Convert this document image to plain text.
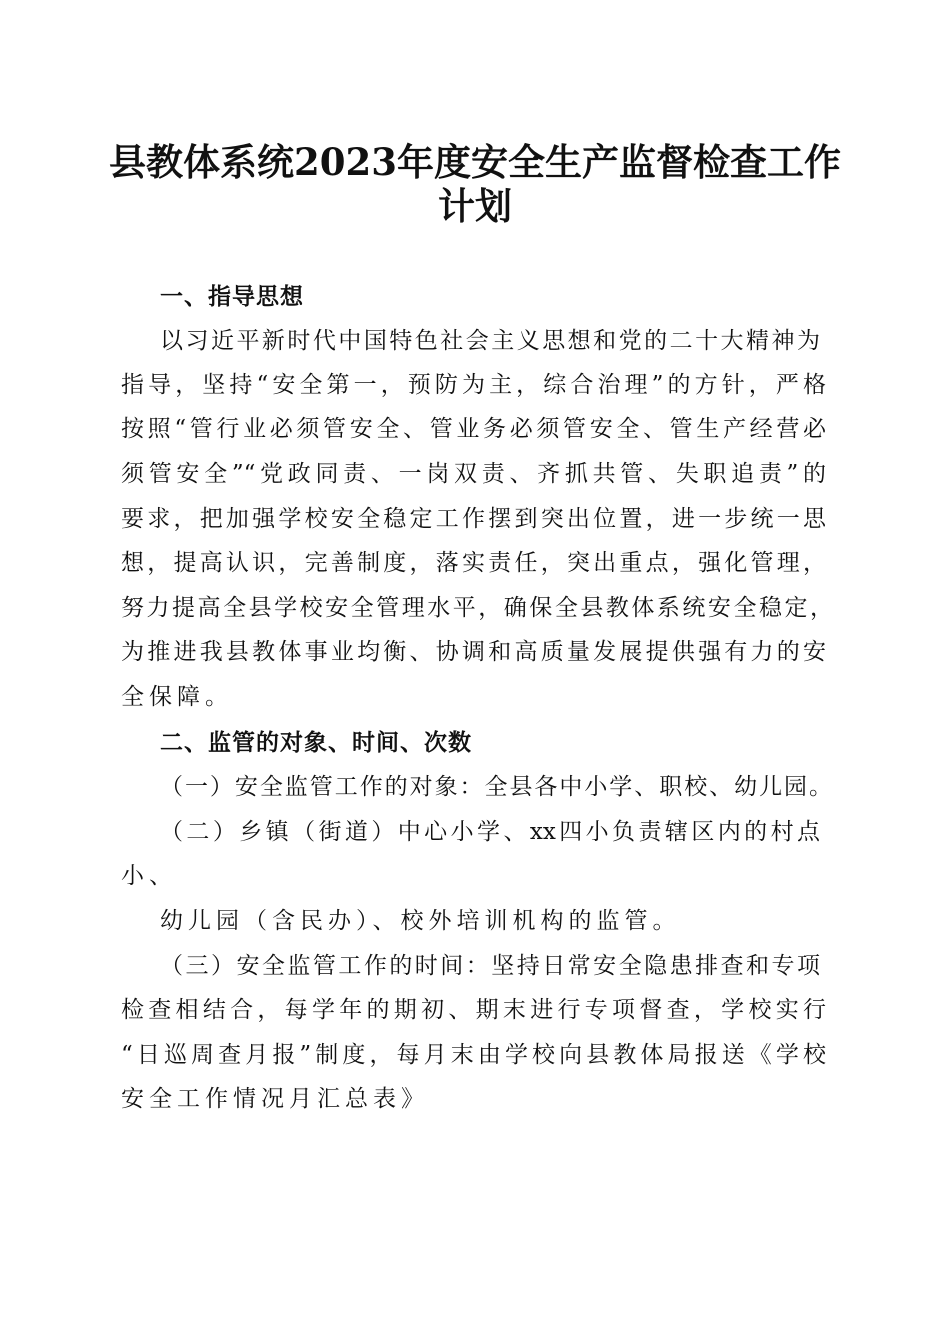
县教体系统2023年度安全生产监督检查工作
计划
一、指导思想
以习近平新时代中国特色社会主义思想和党的二十大精神为
指导，坚持“安全第一，预防为主，综合治理”的方针，严格
按照“管行业必须管安全、管业务必须管安全、管生产经营必
须管安全”“党政同责、一岗双责、齐抓共管、失职追责”的
要求，把加强学校安全稳定工作摆到突出位置，进一步统一思
想，提高认识，完善制度，落实责任，突出重点，强化管理，
努力提高全县学校安全管理水平，确保全县教体系统安全稳定，
为推进我县教体事业均衡、协调和高质量发展提供强有力的安
全保障。
二、监管的对象、时间、次数
（一）安全监管工作的对象：全县各中小学、职校、幼儿园。
（二）乡镇（街道）中心小学、xx四小负责辖区内的村点
小、
幼儿园（含民办）、校外培训机构的监管。
（三）安全监管工作的时间：坚持日常安全隐患排查和专项
检查相结合，每学年的期初、期末进行专项督查，学校实行
“日巡周查月报”制度，每月末由学校向县教体局报送《学校
安全工作情况月汇总表》
